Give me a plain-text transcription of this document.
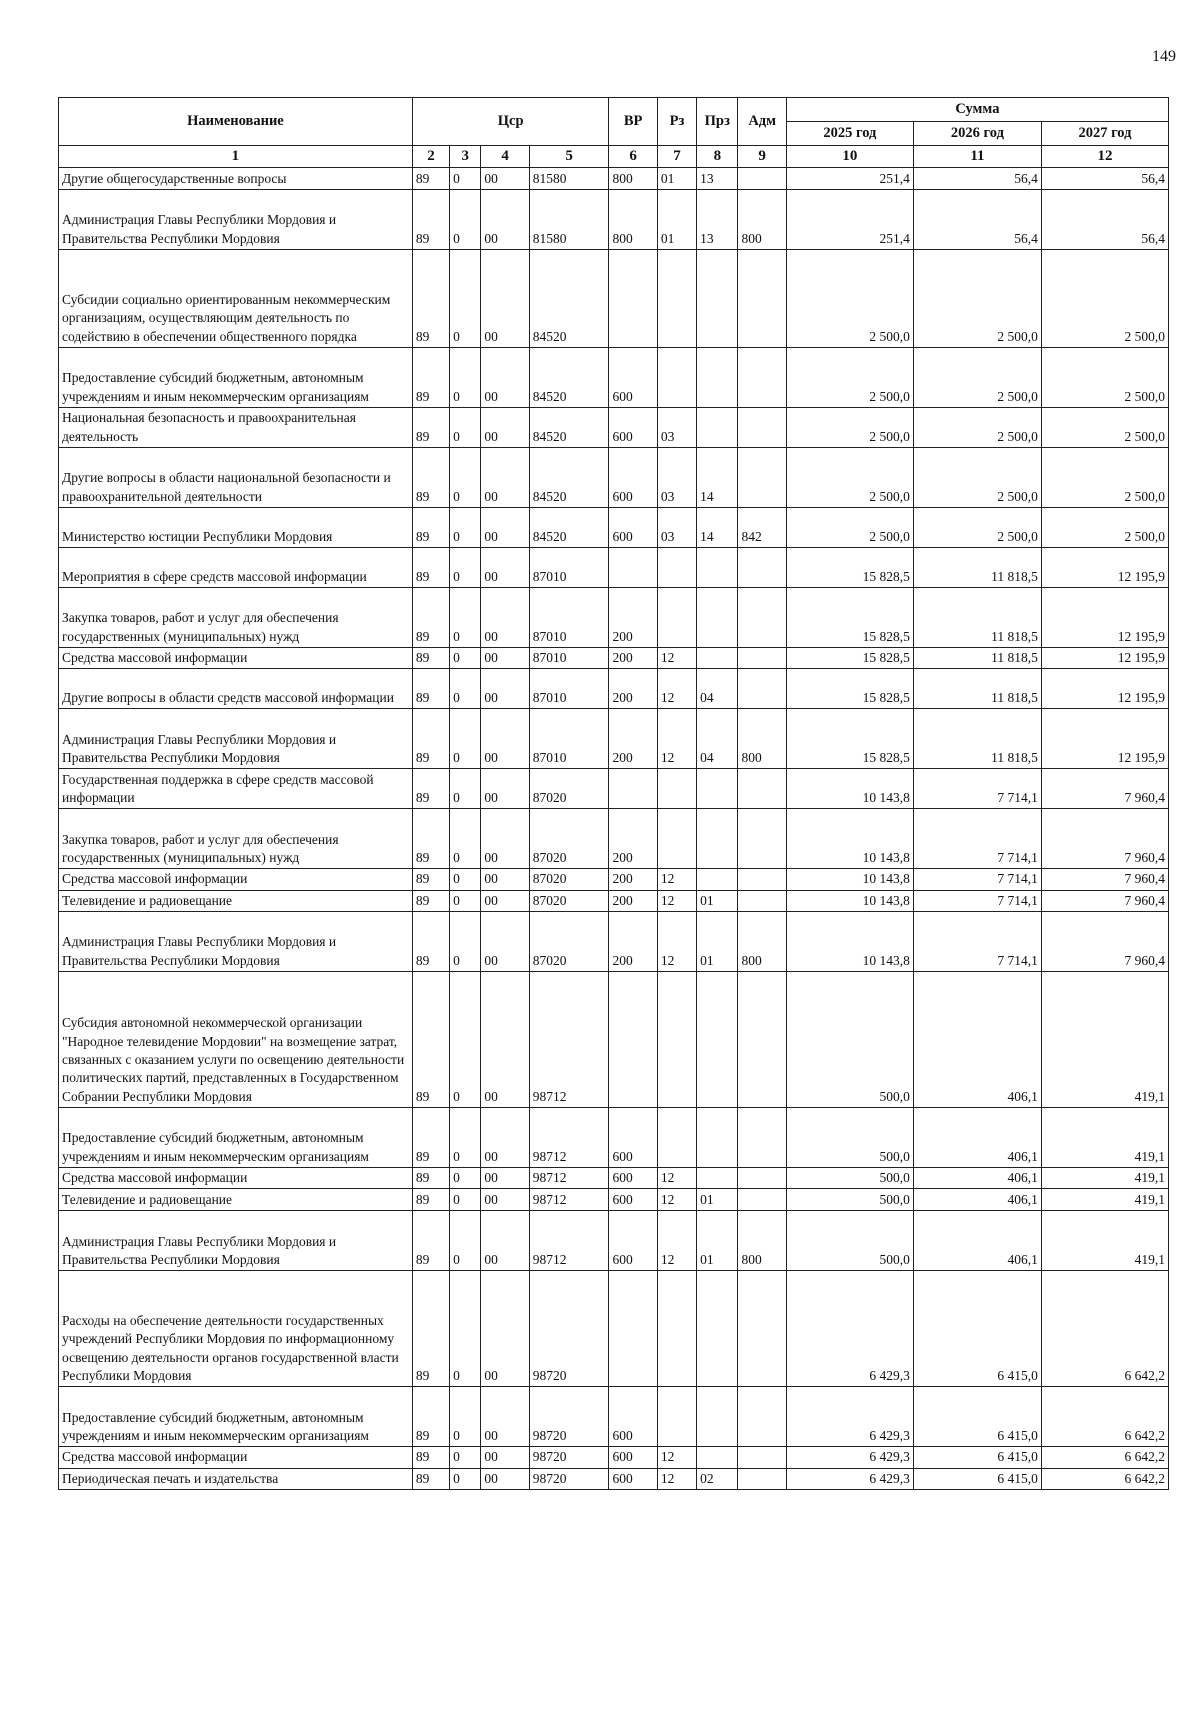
149
Наименование	Цср				ВР	Рз	Прз	Адм	Сумма		
									2025 год	2026 год	2027 год
1	2	3	4	5	6	7	8	9	10	11	12
Другие общегосударственные вопросы	89	0	00	81580	800	01	13		251,4	56,4	56,4
Администрация Главы Республики Мордовия и Правительства Республики Мордовия	89	0	00	81580	800	01	13	800	251,4	56,4	56,4
Субсидии социально ориентированным некоммерческим организациям, осуществляющим деятельность по содействию в обеспечении общественного порядка	89	0	00	84520					2 500,0	2 500,0	2 500,0
Предоставление субсидий бюджетным, автономным учреждениям и иным некоммерческим организациям	89	0	00	84520	600				2 500,0	2 500,0	2 500,0
Национальная безопасность и правоохранительная деятельность	89	0	00	84520	600	03			2 500,0	2 500,0	2 500,0
Другие вопросы в области национальной безопасности и правоохранительной деятельности	89	0	00	84520	600	03	14		2 500,0	2 500,0	2 500,0
Министерство юстиции Республики Мордовия	89	0	00	84520	600	03	14	842	2 500,0	2 500,0	2 500,0
Мероприятия в сфере средств массовой информации	89	0	00	87010					15 828,5	11 818,5	12 195,9
Закупка товаров, работ и услуг для обеспечения государственных (муниципальных) нужд	89	0	00	87010	200				15 828,5	11 818,5	12 195,9
Средства массовой информации	89	0	00	87010	200	12			15 828,5	11 818,5	12 195,9
Другие вопросы в области средств массовой информации	89	0	00	87010	200	12	04		15 828,5	11 818,5	12 195,9
Администрация Главы Республики Мордовия и Правительства Республики Мордовия	89	0	00	87010	200	12	04	800	15 828,5	11 818,5	12 195,9
Государственная поддержка в сфере средств массовой информации	89	0	00	87020					10 143,8	7 714,1	7 960,4
Закупка товаров, работ и услуг для обеспечения государственных (муниципальных) нужд	89	0	00	87020	200				10 143,8	7 714,1	7 960,4
Средства массовой информации	89	0	00	87020	200	12			10 143,8	7 714,1	7 960,4
Телевидение и радиовещание	89	0	00	87020	200	12	01		10 143,8	7 714,1	7 960,4
Администрация Главы Республики Мордовия и Правительства Республики Мордовия	89	0	00	87020	200	12	01	800	10 143,8	7 714,1	7 960,4
Субсидия автономной некоммерческой организации "Народное телевидение Мордовии" на возмещение затрат, связанных с оказанием услуги по освещению деятельности политических партий, представленных в Государственном Собрании Республики Мордовия	89	0	00	98712					500,0	406,1	419,1
Предоставление субсидий бюджетным, автономным учреждениям и иным некоммерческим организациям	89	0	00	98712	600				500,0	406,1	419,1
Средства массовой информации	89	0	00	98712	600	12			500,0	406,1	419,1
Телевидение и радиовещание	89	0	00	98712	600	12	01		500,0	406,1	419,1
Администрация Главы Республики Мордовия и Правительства Республики Мордовия	89	0	00	98712	600	12	01	800	500,0	406,1	419,1
Расходы на обеспечение деятельности государственных учреждений Республики Мордовия по информационному освещению деятельности органов государственной власти Республики Мордовия	89	0	00	98720					6 429,3	6 415,0	6 642,2
Предоставление субсидий бюджетным, автономным учреждениям и иным некоммерческим организациям	89	0	00	98720	600				6 429,3	6 415,0	6 642,2
Средства массовой информации	89	0	00	98720	600	12			6 429,3	6 415,0	6 642,2
Периодическая печать и издательства	89	0	00	98720	600	12	02		6 429,3	6 415,0	6 642,2
